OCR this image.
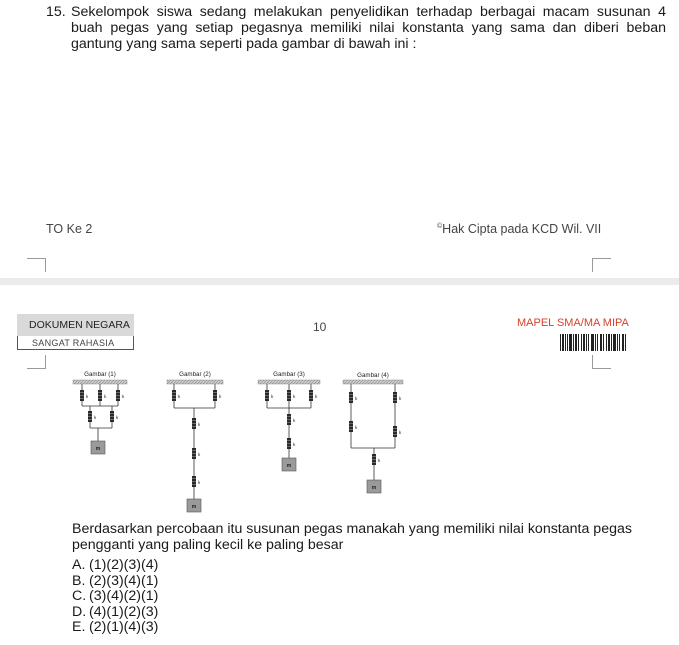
15. Sekelompok siswa sedang melakukan penyelidikan terhadap berbagai macam susunan 4 buah pegas yang setiap pegasnya memiliki nilai konstanta yang sama dan diberi beban gantung yang sama seperti pada gambar di bawah ini :
TO Ke 2	©Hak Cipta pada KCD Wil. VII
DOKUMEN NEGARA
SANGAT RAHASIA
10	MAPEL SMA/MA MIPA
Gambar (1)	Gambar (2)	Gambar (3)	Gambar (4)
k	k	k
k	k
k	k
k
k
k
k	k	k
k
k
k	k
k
k
k
m
m
m
m
Berdasarkan percobaan itu susunan pegas manakah yang memiliki nilai konstanta pegas pengganti yang paling kecil ke paling besar
A. (1)(2)(3)(4)
B. (2)(3)(4)(1)
C. (3)(4)(2)(1)
D. (4)(1)(2)(3)
E. (2)(1)(4)(3)
